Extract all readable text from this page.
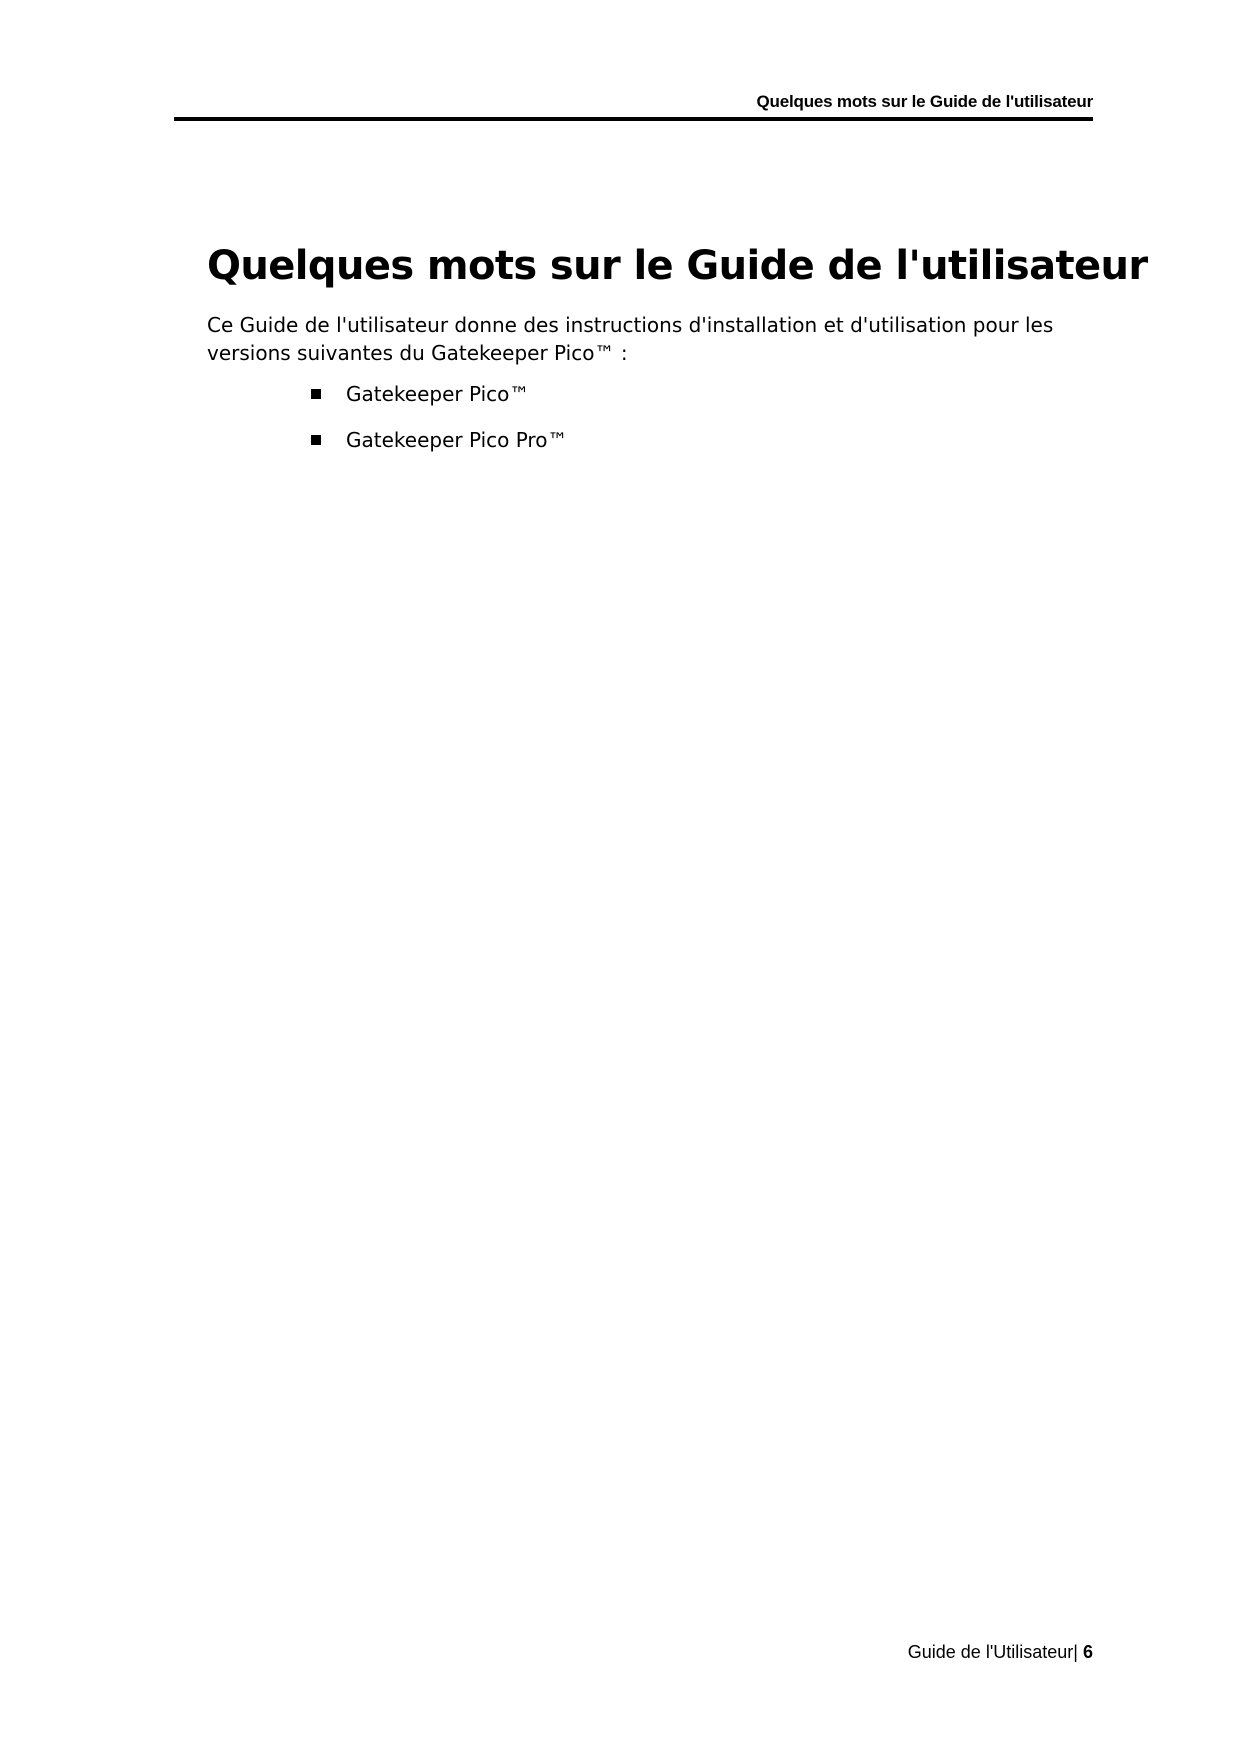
Quelques mots sur le Guide de l'utilisateur
Quelques mots sur le Guide de l'utilisateur

Ce Guide de l'utilisateur donne des instructions d'installation et d'utilisation pour les versions suivantes du Gatekeeper Pico™ :

Gatekeeper Pico™
Gatekeeper Pico Pro™
Guide de l'Utilisateur| 6
